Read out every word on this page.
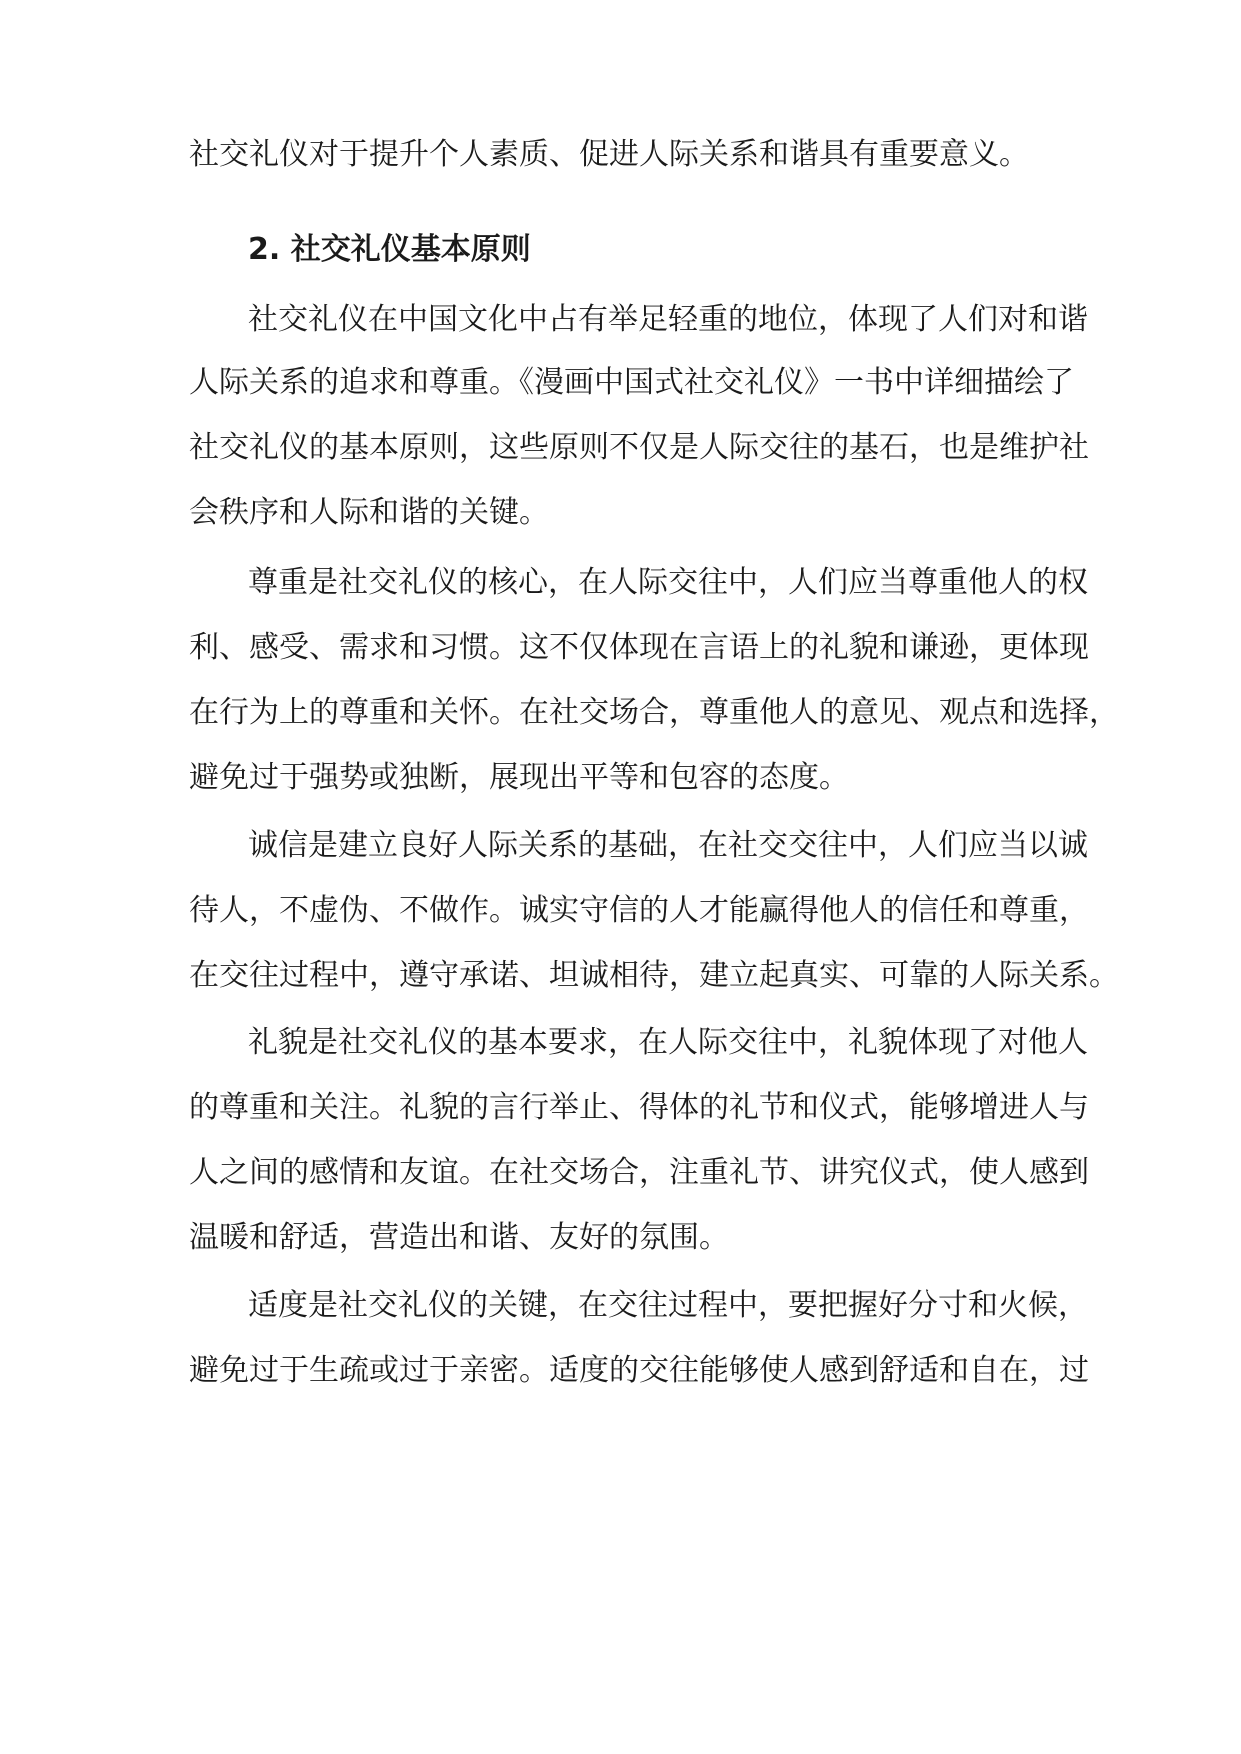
社交礼仪对于提升个人素质、促进人际关系和谐具有重要意义。
2. 社交礼仪基本原则
社交礼仪在中国文化中占有举足轻重的地位，体现了人们对和谐
人际关系的追求和尊重。《漫画中国式社交礼仪》一书中详细描绘了
社交礼仪的基本原则，这些原则不仅是人际交往的基石，也是维护社
会秩序和人际和谐的关键。
尊重是社交礼仪的核心，在人际交往中，人们应当尊重他人的权
利、感受、需求和习惯。这不仅体现在言语上的礼貌和谦逊，更体现
在行为上的尊重和关怀。在社交场合，尊重他人的意见、观点和选择，
避免过于强势或独断，展现出平等和包容的态度。
诚信是建立良好人际关系的基础，在社交交往中，人们应当以诚
待人，不虚伪、不做作。诚实守信的人才能赢得他人的信任和尊重，
在交往过程中，遵守承诺、坦诚相待，建立起真实、可靠的人际关系。
礼貌是社交礼仪的基本要求，在人际交往中，礼貌体现了对他人
的尊重和关注。礼貌的言行举止、得体的礼节和仪式，能够增进人与
人之间的感情和友谊。在社交场合，注重礼节、讲究仪式，使人感到
温暖和舒适，营造出和谐、友好的氛围。
适度是社交礼仪的关键，在交往过程中，要把握好分寸和火候，
避免过于生疏或过于亲密。适度的交往能够使人感到舒适和自在，过
